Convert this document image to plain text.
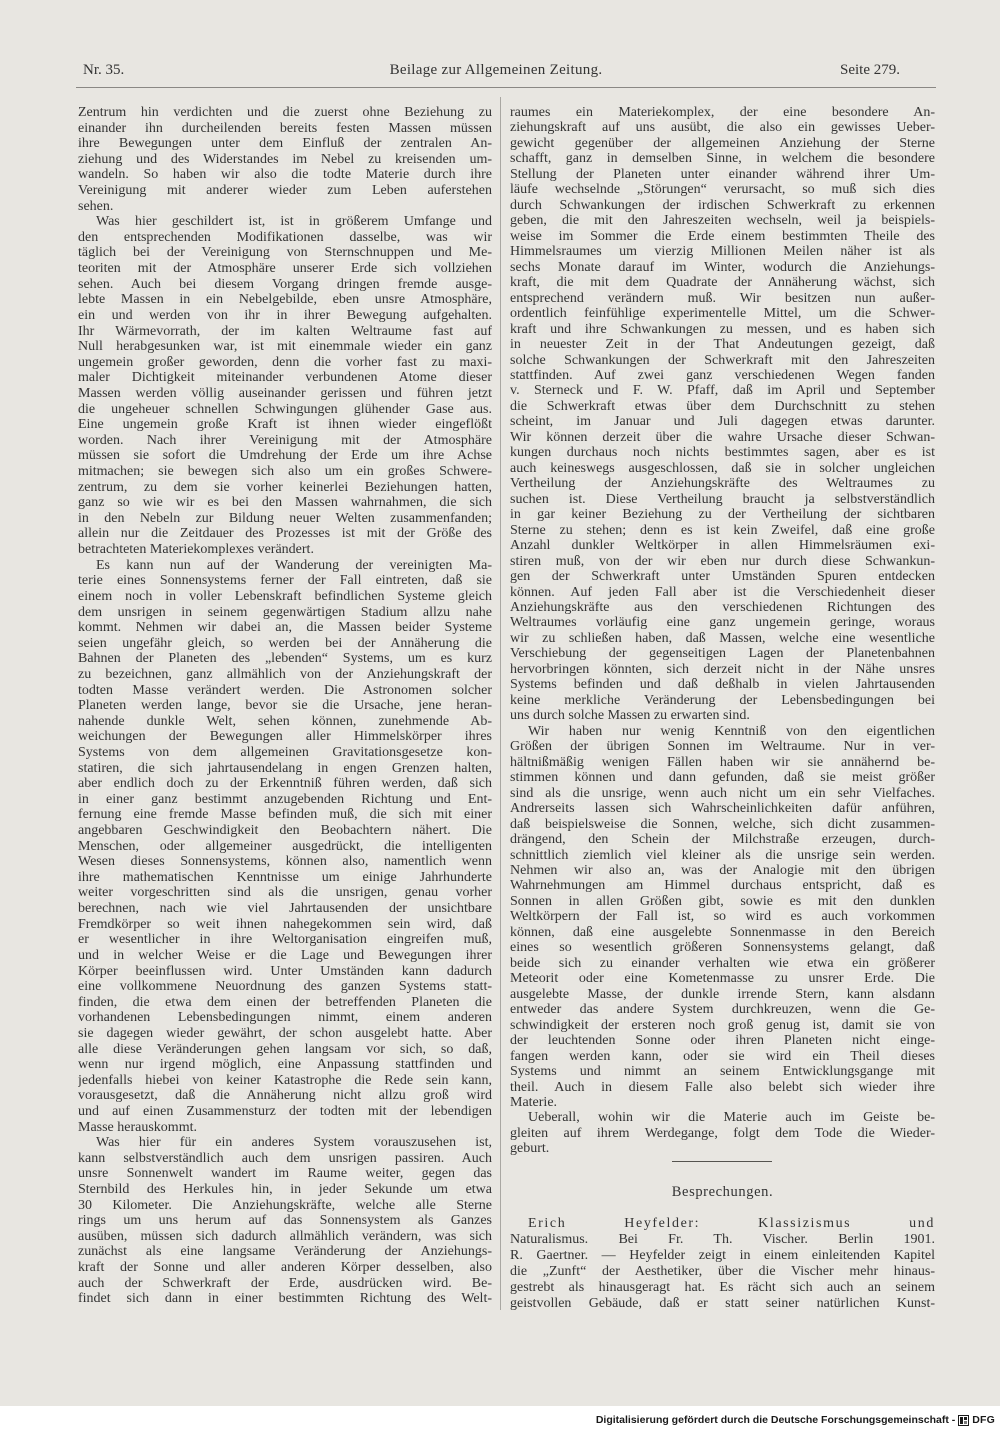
Nr. 35.	Beilage zur Allgemeinen Zeitung.	Seite 279.
Zentrum hin verdichten und die zuerst ohne Beziehung zu
einander ihn durcheilenden bereits festen Massen müssen
ihre Bewegungen unter dem Einfluß der zentralen An-
ziehung und des Widerstandes im Nebel zu kreisenden um-
wandeln. So haben wir also die todte Materie durch ihre
Vereinigung mit anderer wieder zum Leben auferstehen
sehen.
Was hier geschildert ist, ist in größerem Umfange und
den entsprechenden Modifikationen dasselbe, was wir
täglich bei der Vereinigung von Sternschnuppen und Me-
teoriten mit der Atmosphäre unserer Erde sich vollziehen
sehen. Auch bei diesem Vorgang dringen fremde ausge-
lebte Massen in ein Nebelgebilde, eben unsre Atmosphäre,
ein und werden von ihr in ihrer Bewegung aufgehalten.
Ihr Wärmevorrath, der im kalten Weltraume fast auf
Null herabgesunken war, ist mit einemmale wieder ein ganz
ungemein großer geworden, denn die vorher fast zu maxi-
maler Dichtigkeit miteinander verbundenen Atome dieser
Massen werden völlig auseinander gerissen und führen jetzt
die ungeheuer schnellen Schwingungen glühender Gase aus.
Eine ungemein große Kraft ist ihnen wieder eingeflößt
worden. Nach ihrer Vereinigung mit der Atmosphäre
müssen sie sofort die Umdrehung der Erde um ihre Achse
mitmachen; sie bewegen sich also um ein großes Schwere-
zentrum, zu dem sie vorher keinerlei Beziehungen hatten,
ganz so wie wir es bei den Massen wahrnahmen, die sich
in den Nebeln zur Bildung neuer Welten zusammenfanden;
allein nur die Zeitdauer des Prozesses ist mit der Größe des
betrachteten Materiekomplexes verändert.
Es kann nun auf der Wanderung der vereinigten Ma-
terie eines Sonnensystems ferner der Fall eintreten, daß sie
einem noch in voller Lebenskraft befindlichen Systeme gleich
dem unsrigen in seinem gegenwärtigen Stadium allzu nahe
kommt. Nehmen wir dabei an, die Massen beider Systeme
seien ungefähr gleich, so werden bei der Annäherung die
Bahnen der Planeten des „lebenden“ Systems, um es kurz
zu bezeichnen, ganz allmählich von der Anziehungskraft der
todten Masse verändert werden. Die Astronomen solcher
Planeten werden lange, bevor sie die Ursache, jene heran-
nahende dunkle Welt, sehen können, zunehmende Ab-
weichungen der Bewegungen aller Himmelskörper ihres
Systems von dem allgemeinen Gravitationsgesetze kon-
statiren, die sich jahrtausendelang in engen Grenzen halten,
aber endlich doch zu der Erkenntniß führen werden, daß sich
in einer ganz bestimmt anzugebenden Richtung und Ent-
fernung eine fremde Masse befinden muß, die sich mit einer
angebbaren Geschwindigkeit den Beobachtern nähert. Die
Menschen, oder allgemeiner ausgedrückt, die intelligenten
Wesen dieses Sonnensystems, können also, namentlich wenn
ihre mathematischen Kenntnisse um einige Jahrhunderte
weiter vorgeschritten sind als die unsrigen, genau vorher
berechnen, nach wie viel Jahrtausenden der unsichtbare
Fremdkörper so weit ihnen nahegekommen sein wird, daß
er wesentlicher in ihre Weltorganisation eingreifen muß,
und in welcher Weise er die Lage und Bewegungen ihrer
Körper beeinflussen wird. Unter Umständen kann dadurch
eine vollkommene Neuordnung des ganzen Systems statt-
finden, die etwa dem einen der betreffenden Planeten die
vorhandenen Lebensbedingungen nimmt, einem anderen
sie dagegen wieder gewährt, der schon ausgelebt hatte. Aber
alle diese Veränderungen gehen langsam vor sich, so daß,
wenn nur irgend möglich, eine Anpassung stattfinden und
jedenfalls hiebei von keiner Katastrophe die Rede sein kann,
vorausgesetzt, daß die Annäherung nicht allzu groß wird
und auf einen Zusammensturz der todten mit der lebendigen
Masse herauskommt.
Was hier für ein anderes System vorauszusehen ist,
kann selbstverständlich auch dem unsrigen passiren. Auch
unsre Sonnenwelt wandert im Raume weiter, gegen das
Sternbild des Herkules hin, in jeder Sekunde um etwa
30 Kilometer. Die Anziehungskräfte, welche alle Sterne
rings um uns herum auf das Sonnensystem als Ganzes
ausüben, müssen sich dadurch allmählich verändern, was sich
zunächst als eine langsame Veränderung der Anziehungs-
kraft der Sonne und aller anderen Körper desselben, also
auch der Schwerkraft der Erde, ausdrücken wird. Be-
findet sich dann in einer bestimmten Richtung des Welt-
raumes ein Materiekomplex, der eine besondere An-
ziehungskraft auf uns ausübt, die also ein gewisses Ueber-
gewicht gegenüber der allgemeinen Anziehung der Sterne
schafft, ganz in demselben Sinne, in welchem die besondere
Stellung der Planeten unter einander während ihrer Um-
läufe wechselnde „Störungen“ verursacht, so muß sich dies
durch Schwankungen der irdischen Schwerkraft zu erkennen
geben, die mit den Jahreszeiten wechseln, weil ja beispiels-
weise im Sommer die Erde einem bestimmten Theile des
Himmelsraumes um vierzig Millionen Meilen näher ist als
sechs Monate darauf im Winter, wodurch die Anziehungs-
kraft, die mit dem Quadrate der Annäherung wächst, sich
entsprechend verändern muß. Wir besitzen nun außer-
ordentlich feinfühlige experimentelle Mittel, um die Schwer-
kraft und ihre Schwankungen zu messen, und es haben sich
in neuester Zeit in der That Andeutungen gezeigt, daß
solche Schwankungen der Schwerkraft mit den Jahreszeiten
stattfinden. Auf zwei ganz verschiedenen Wegen fanden
v. Sterneck und F. W. Pfaff, daß im April und September
die Schwerkraft etwas über dem Durchschnitt zu stehen
scheint, im Januar und Juli dagegen etwas darunter.
Wir können derzeit über die wahre Ursache dieser Schwan-
kungen durchaus noch nichts bestimmtes sagen, aber es ist
auch keineswegs ausgeschlossen, daß sie in solcher ungleichen
Vertheilung der Anziehungskräfte des Weltraumes zu
suchen ist. Diese Vertheilung braucht ja selbstverständlich
in gar keiner Beziehung zu der Vertheilung der sichtbaren
Sterne zu stehen; denn es ist kein Zweifel, daß eine große
Anzahl dunkler Weltkörper in allen Himmelsräumen exi-
stiren muß, von der wir eben nur durch diese Schwankun-
gen der Schwerkraft unter Umständen Spuren entdecken
können. Auf jeden Fall aber ist die Verschiedenheit dieser
Anziehungskräfte aus den verschiedenen Richtungen des
Weltraumes vorläufig eine ganz ungemein geringe, woraus
wir zu schließen haben, daß Massen, welche eine wesentliche
Verschiebung der gegenseitigen Lagen der Planetenbahnen
hervorbringen könnten, sich derzeit nicht in der Nähe unsres
Systems befinden und daß deßhalb in vielen Jahrtausenden
keine merkliche Veränderung der Lebensbedingungen bei
uns durch solche Massen zu erwarten sind.
Wir haben nur wenig Kenntniß von den eigentlichen
Größen der übrigen Sonnen im Weltraume. Nur in ver-
hältnißmäßig wenigen Fällen haben wir sie annähernd be-
stimmen können und dann gefunden, daß sie meist größer
sind als die unsrige, wenn auch nicht um ein sehr Vielfaches.
Andrerseits lassen sich Wahrscheinlichkeiten dafür anführen,
daß beispielsweise die Sonnen, welche, sich dicht zusammen-
drängend, den Schein der Milchstraße erzeugen, durch-
schnittlich ziemlich viel kleiner als die unsrige sein werden.
Nehmen wir also an, was der Analogie mit den übrigen
Wahrnehmungen am Himmel durchaus entspricht, daß es
Sonnen in allen Größen gibt, sowie es mit den dunklen
Weltkörpern der Fall ist, so wird es auch vorkommen
können, daß eine ausgelebte Sonnenmasse in den Bereich
eines so wesentlich größeren Sonnensystems gelangt, daß
beide sich zu einander verhalten wie etwa ein größerer
Meteorit oder eine Kometenmasse zu unsrer Erde. Die
ausgelebte Masse, der dunkle irrende Stern, kann alsdann
entweder das andere System durchkreuzen, wenn die Ge-
schwindigkeit der ersteren noch groß genug ist, damit sie von
der leuchtenden Sonne oder ihren Planeten nicht einge-
fangen werden kann, oder sie wird ein Theil dieses
Systems und nimmt an seinem Entwicklungsgange mit
theil. Auch in diesem Falle also belebt sich wieder ihre
Materie.
Ueberall, wohin wir die Materie auch im Geiste be-
gleiten auf ihrem Werdegange, folgt dem Tode die Wieder-
geburt.
Besprechungen.
Erich Heyfelder: Klassizismus und
Naturalismus. Bei Fr. Th. Vischer. Berlin 1901.
R. Gaertner. — Heyfelder zeigt in einem einleitenden Kapitel
die „Zunft“ der Aesthetiker, über die Vischer mehr hinaus-
gestrebt als hinausgeragt hat. Es rächt sich auch an seinem
geistvollen Gebäude, daß er statt seiner natürlichen Kunst-
Digitalisierung gefördert durch die Deutsche Forschungsgemeinschaft - DFG
